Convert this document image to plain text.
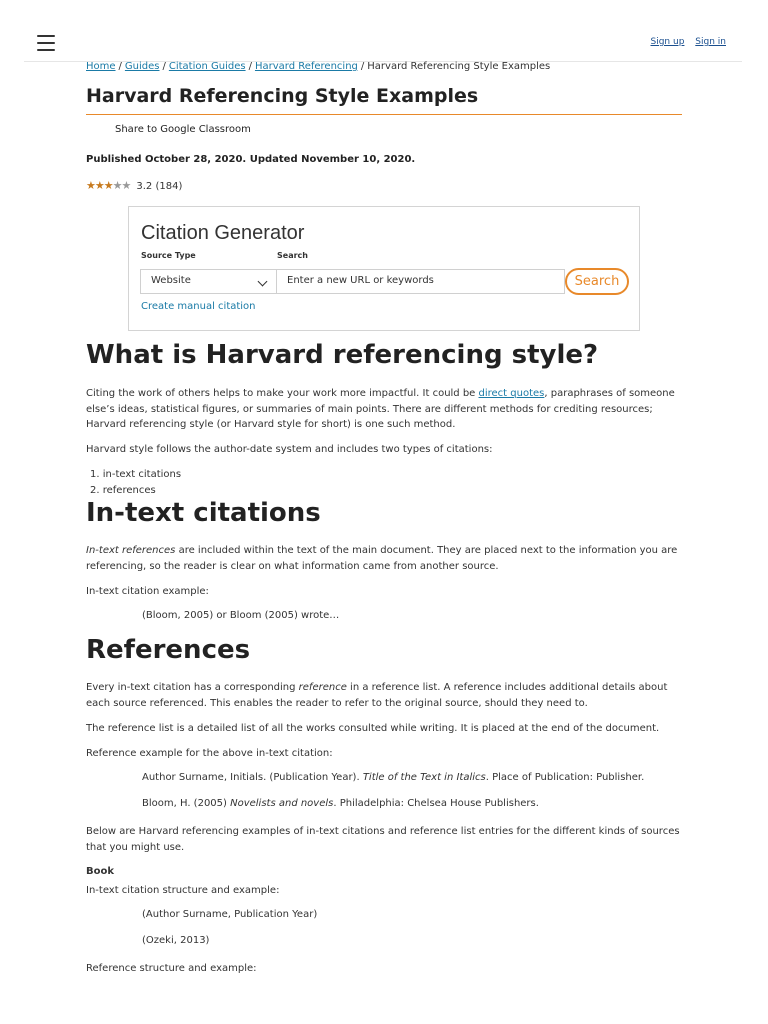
Sign up Sign in
Home / Guides / Citation Guides / Harvard Referencing / Harvard Referencing Style Examples
Harvard Referencing Style Examples
Share to Google Classroom
Published October 28, 2020. Updated November 10, 2020.
★★★★★ 3.2 (184)
What is Harvard referencing style?
Citing the work of others helps to make your work more impactful. It could be direct quotes, paraphrases of someone else’s ideas, statistical figures, or summaries of main points. There are different methods for crediting resources; Harvard referencing style (or Harvard style for short) is one such method.
Harvard style follows the author-date system and includes two types of citations:
1. in-text citations
2. references
In-text citations
In-text references are included within the text of the main document. They are placed next to the information you are referencing, so the reader is clear on what information came from another source.
In-text citation example:
(Bloom, 2005) or Bloom (2005) wrote…
References
Every in-text citation has a corresponding reference in a reference list. A reference includes additional details about each source referenced. This enables the reader to refer to the original source, should they need to.
The reference list is a detailed list of all the works consulted while writing. It is placed at the end of the document.
Reference example for the above in-text citation:
Author Surname, Initials. (Publication Year). Title of the Text in Italics. Place of Publication: Publisher.
Bloom, H. (2005) Novelists and novels. Philadelphia: Chelsea House Publishers.
Below are Harvard referencing examples of in-text citations and reference list entries for the different kinds of sources that you might use.
Book
In-text citation structure and example:
(Author Surname, Publication Year)
(Ozeki, 2013)
Reference structure and example:
Citation Generator
Source Type	Search
Website	Enter a new URL or keywords	Search
Create manual citation
